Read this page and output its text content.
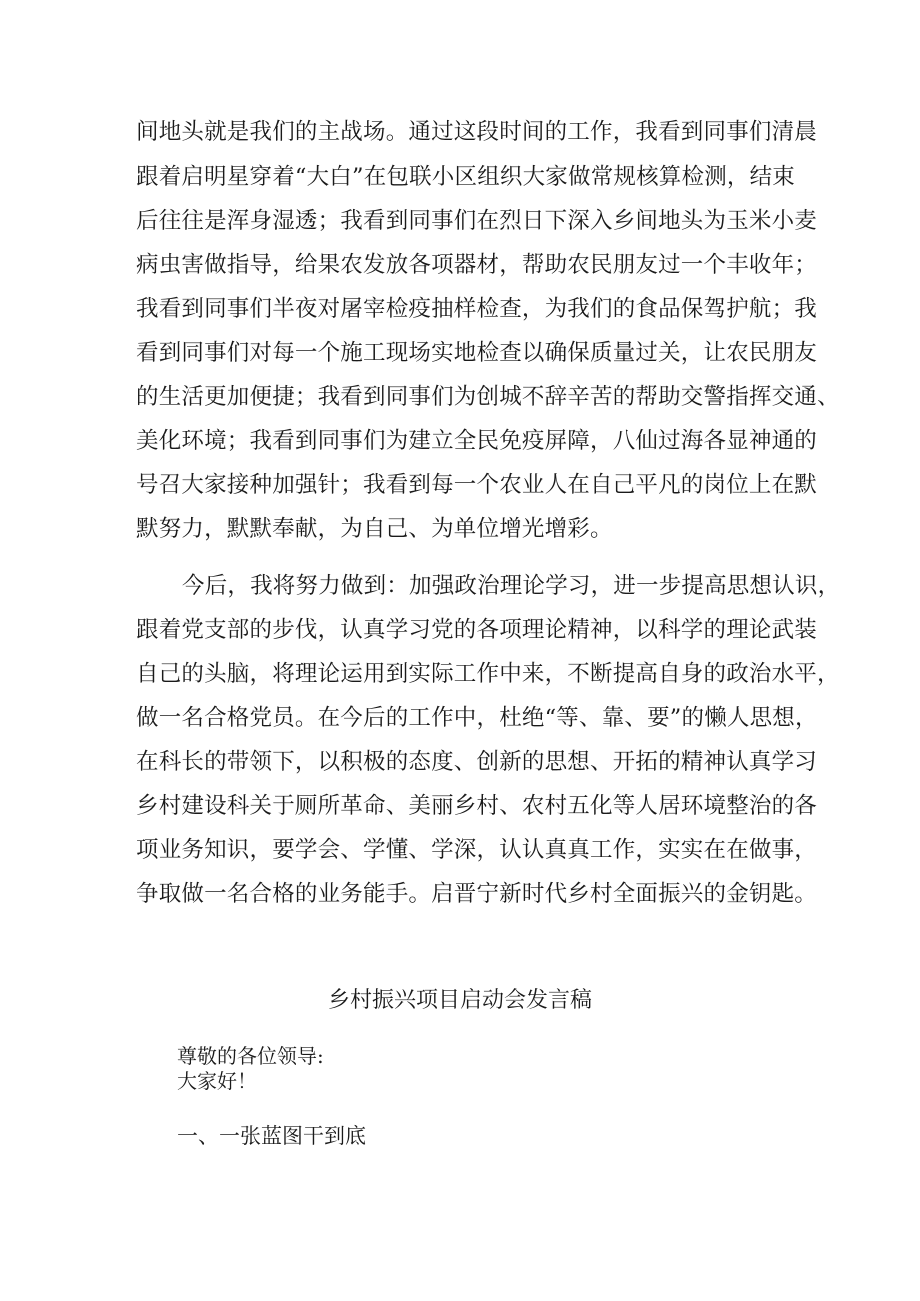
间地头就是我们的主战场。通过这段时间的工作，我看到同事们清晨
跟着启明星穿着“大白”在包联小区组织大家做常规核算检测，结束
后往往是浑身湿透；我看到同事们在烈日下深入乡间地头为玉米小麦
病虫害做指导，给果农发放各项器材，帮助农民朋友过一个丰收年；
我看到同事们半夜对屠宰检疫抽样检查，为我们的食品保驾护航；我
看到同事们对每一个施工现场实地检查以确保质量过关，让农民朋友
的生活更加便捷；我看到同事们为创城不辞辛苦的帮助交警指挥交通、
美化环境；我看到同事们为建立全民免疫屏障，八仙过海各显神通的
号召大家接种加强针；我看到每一个农业人在自己平凡的岗位上在默
默努力，默默奉献，为自己、为单位增光增彩。
今后，我将努力做到：加强政治理论学习，进一步提高思想认识，
跟着党支部的步伐，认真学习党的各项理论精神，以科学的理论武装
自己的头脑，将理论运用到实际工作中来，不断提高自身的政治水平，
做一名合格党员。在今后的工作中，杜绝“等、靠、要”的懒人思想，
在科长的带领下，以积极的态度、创新的思想、开拓的精神认真学习
乡村建设科关于厕所革命、美丽乡村、农村五化等人居环境整治的各
项业务知识，要学会、学懂、学深，认认真真工作，实实在在做事，
争取做一名合格的业务能手。启晋宁新时代乡村全面振兴的金钥匙。
乡村振兴项目启动会发言稿
尊敬的各位领导:
大家好！
一、一张蓝图干到底
